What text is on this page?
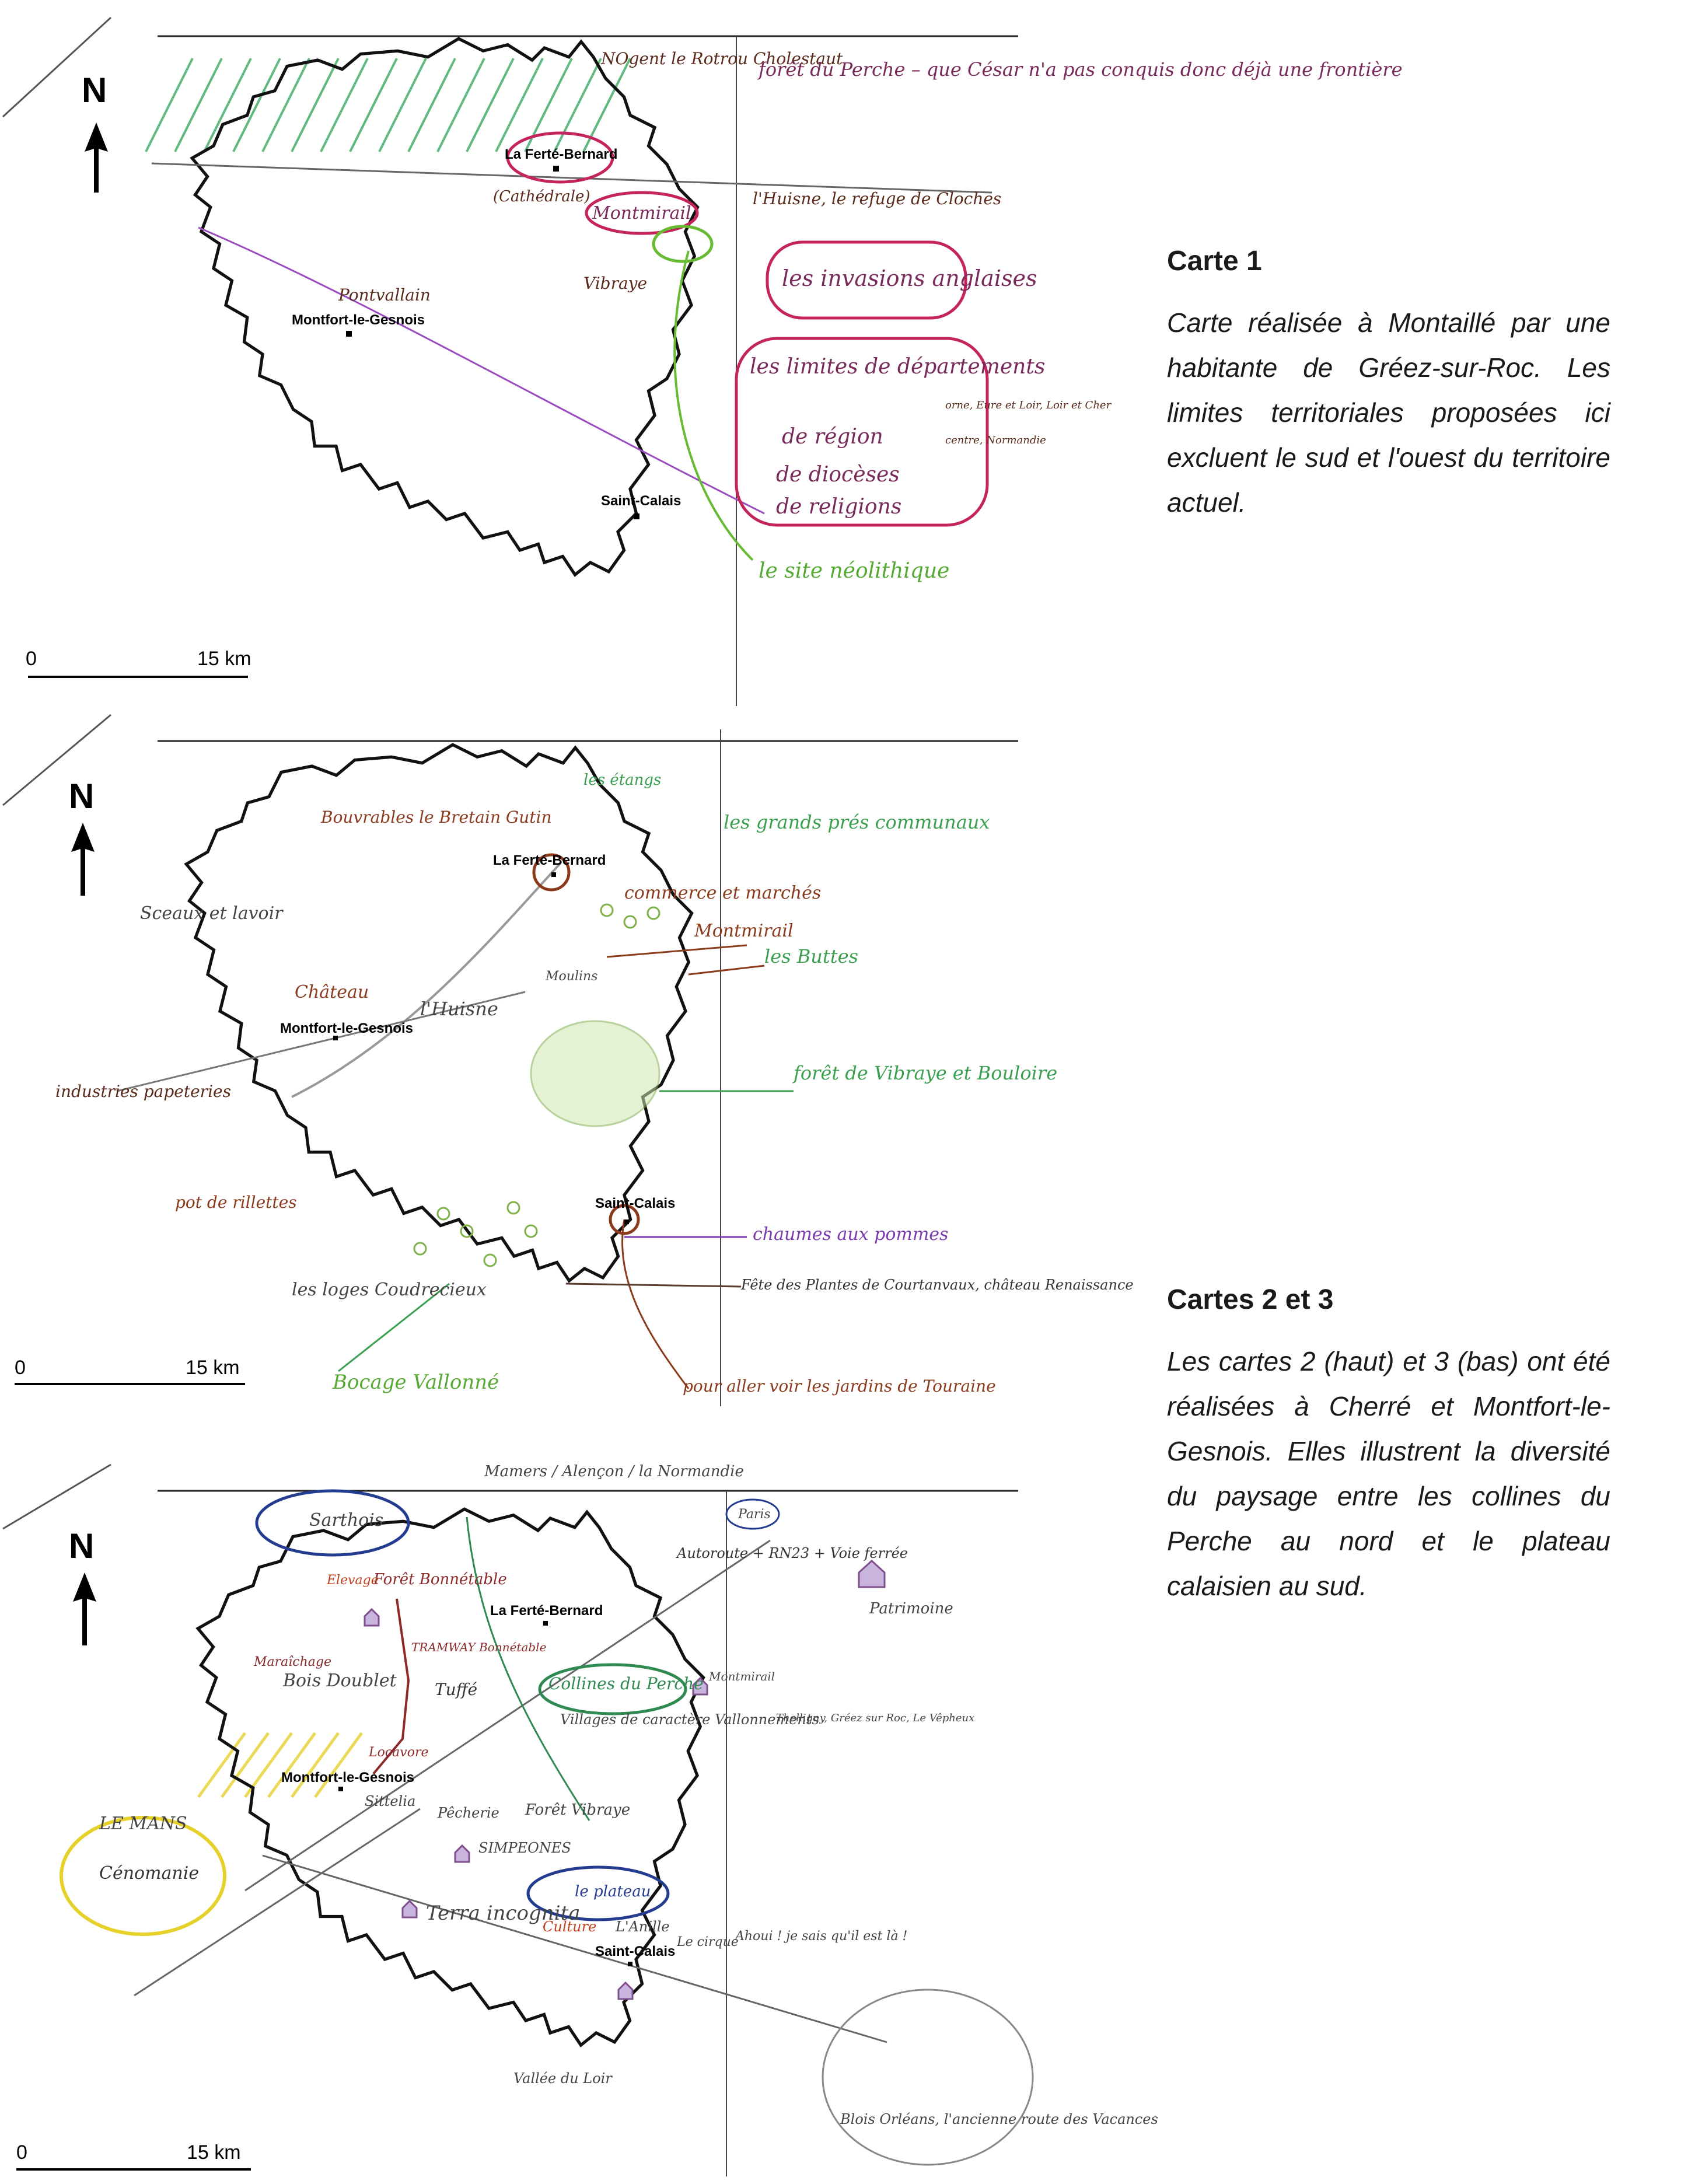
La Ferté-Bernard
Montfort-le-Gesnois
Saint-Calais
N
0	15 km
NOgent le Rotrou Cholestaut
forêt du Perche – que César n'a pas conquis donc déjà une frontière
Montmirail
(Cathédrale)	l'Huisne, le refuge de Cloches
Vibraye
Pontvallain
les invasions anglaises
les limites de départements
de région
de diocèses
de religions
orne, Eure et Loir, Loir et Cher
centre, Normandie
le site néolithique
La Ferté-Bernard
Montfort-le-Gesnois
Saint-Calais
N
0	15 km
les étangs
Bouvrables le Bretain Gutin	les grands prés communaux
Sceaux et lavoir
commerce et marchés
Montmirail
les Buttes
l'Huisne
Moulins
Château
forêt de Vibraye et Bouloire
industries papeteries
pot de rillettes
chaumes aux pommes
les loges Coudrecieux	Fête des Plantes de Courtanvaux, château Renaissance
Bocage Vallonné	pour aller voir les jardins de Touraine
La Ferté-Bernard
Montfort-le-Gesnois
Saint-Calais
N
0	15 km
Mamers / Alençon / la Normandie
Sarthois	Paris
Autoroute + RN23 + Voie ferrée
Patrimoine
Forêt Bonnétable
Elevage
Maraîchage
Bois Doublet
TRAMWAY Bonnétable
Tuffé	Collines du Perche
Villages de caractère Vallonnements
Montmirail
Thelligny, Gréez sur Roc, Le Vêpheux
Locavore
Sittelia
LE MANS
Cénomanie
Pêcherie Forêt Vibraye
SIMPEONES
le plateau
Terra incognita
Culture L'Anille
Le cirque
Ahoui ! je sais qu'il est là !
Blois Orléans, l'ancienne route des Vacances
Vallée du Loir
Carte 1

Carte réalisée à Montaillé par une habitante de Gréez-sur-Roc. Les limites territoriales proposées ici excluent le sud et l'ouest du territoire actuel.

Cartes 2 et 3

Les cartes 2 (haut) et 3 (bas) ont été réalisées à Cherré et Montfort-le-Gesnois. Elles illustrent la diversité du paysage entre les collines du Perche au nord et le plateau calaisien au sud.
